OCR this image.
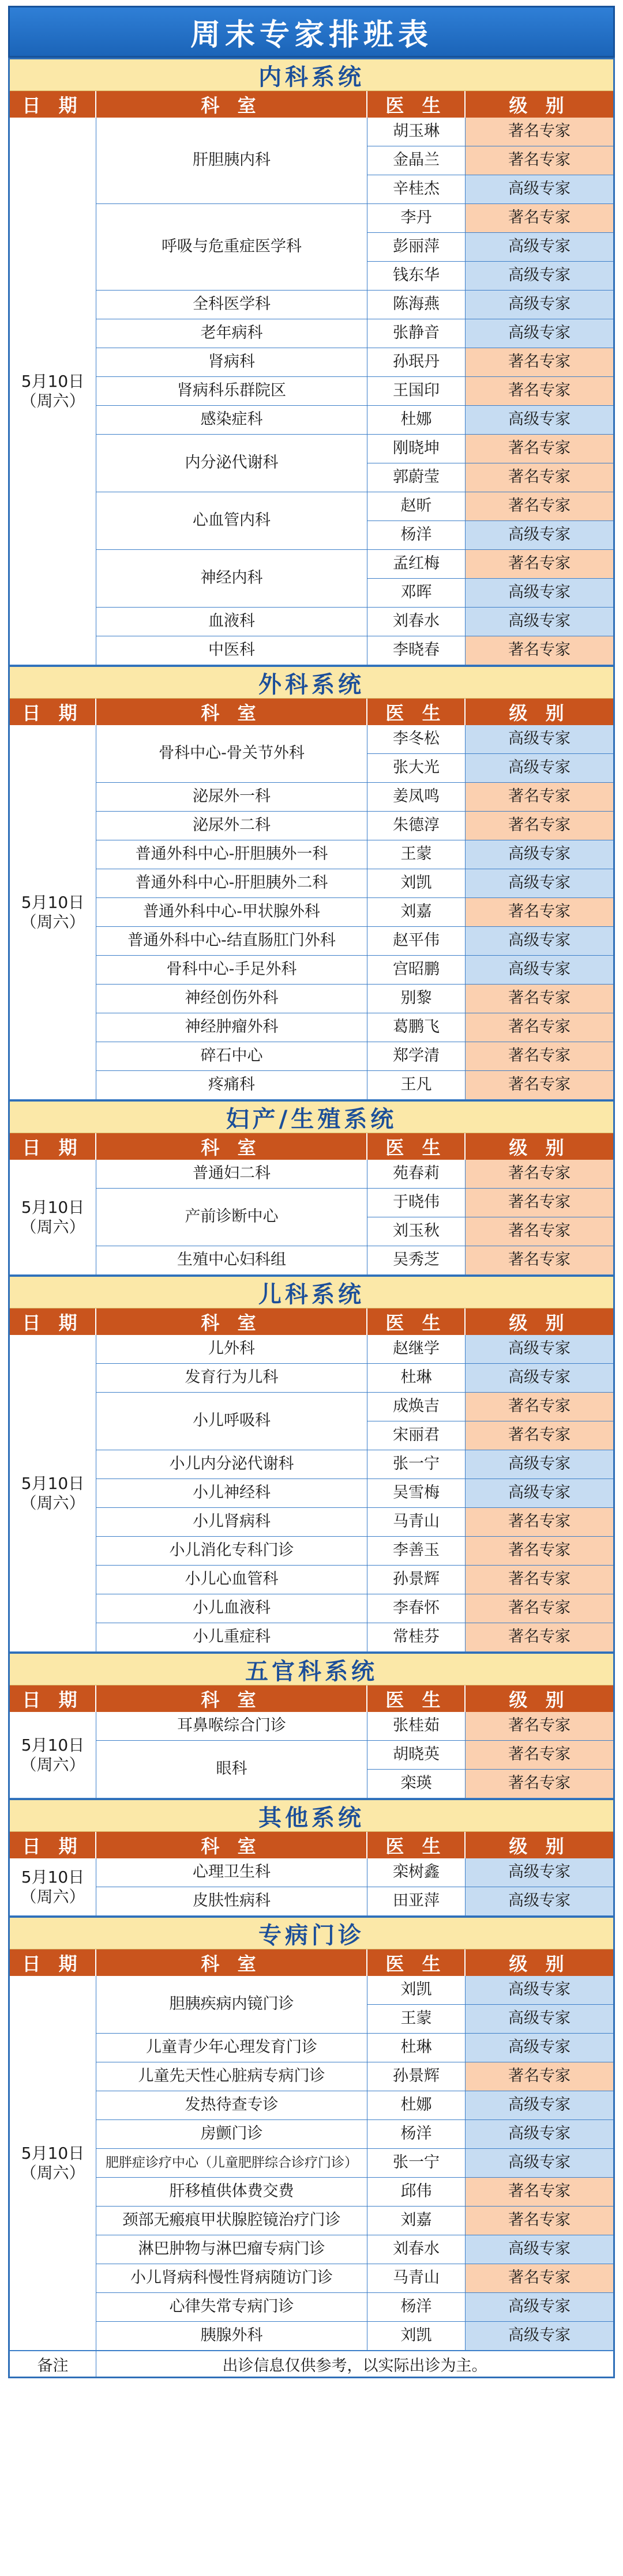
周末专家排班表
内科系统
日 期	科 室	医 生	级 别
5月10日
（周六）
肝胆胰内科
胡玉琳	著名专家
金晶兰	著名专家
辛桂杰	高级专家
呼吸与危重症医学科
李丹	著名专家
彭丽萍	高级专家
钱东华	高级专家
全科医学科	陈海燕	高级专家
老年病科	张静音	高级专家
肾病科	孙珉丹	著名专家
肾病科乐群院区	王国印	著名专家
感染症科	杜娜	高级专家
内分泌代谢科
刚晓坤	著名专家
郭蔚莹	著名专家
心血管内科
赵昕	著名专家
杨洋	高级专家
神经内科
孟红梅	著名专家
邓晖	高级专家
血液科	刘春水	高级专家
中医科	李晓春	著名专家
外科系统
日 期	科 室	医 生	级 别
5月10日
（周六）
骨科中心-骨关节外科
李冬松	高级专家
张大光	高级专家
泌尿外一科	姜凤鸣	著名专家
泌尿外二科	朱德淳	著名专家
普通外科中心-肝胆胰外一科	王蒙	高级专家
普通外科中心-肝胆胰外二科	刘凯	高级专家
普通外科中心-甲状腺外科	刘嘉	著名专家
普通外科中心-结直肠肛门外科	赵平伟	高级专家
骨科中心-手足外科	宫昭鹏	高级专家
神经创伤外科	别黎	著名专家
神经肿瘤外科	葛鹏飞	著名专家
碎石中心	郑学清	著名专家
疼痛科	王凡	著名专家
妇产/生殖系统
日 期	科 室	医 生	级 别
5月10日
（周六）
普通妇二科	苑春莉	著名专家
产前诊断中心
于晓伟	著名专家
刘玉秋	著名专家
生殖中心妇科组	吴秀芝	著名专家
儿科系统
日 期	科 室	医 生	级 别
5月10日
（周六）
儿外科	赵继学	高级专家
发育行为儿科	杜琳	高级专家
小儿呼吸科
成焕吉	著名专家
宋丽君	著名专家
小儿内分泌代谢科	张一宁	高级专家
小儿神经科	吴雪梅	高级专家
小儿肾病科	马青山	著名专家
小儿消化专科门诊	李善玉	著名专家
小儿心血管科	孙景辉	著名专家
小儿血液科	李春怀	著名专家
小儿重症科	常桂芬	著名专家
五官科系统
日 期	科 室	医 生	级 别
5月10日
（周六）
耳鼻喉综合门诊	张桂茹	著名专家
眼科
胡晓英	著名专家
栾瑛	著名专家
其他系统
日 期	科 室	医 生	级 别
5月10日
（周六）
心理卫生科	栾树鑫	高级专家
皮肤性病科	田亚萍	高级专家
专病门诊
日 期	科 室	医 生	级 别
5月10日
（周六）
胆胰疾病内镜门诊
刘凯	高级专家
王蒙	高级专家
儿童青少年心理发育门诊	杜琳	高级专家
儿童先天性心脏病专病门诊	孙景辉	著名专家
发热待查专诊	杜娜	高级专家
房颤门诊	杨洋	高级专家
肥胖症诊疗中心（儿童肥胖综合诊疗门诊）	张一宁	高级专家
肝移植供体费交费	邱伟	著名专家
颈部无瘢痕甲状腺腔镜治疗门诊	刘嘉	著名专家
淋巴肿物与淋巴瘤专病门诊	刘春水	高级专家
小儿肾病科慢性肾病随访门诊	马青山	著名专家
心律失常专病门诊	杨洋	高级专家
胰腺外科	刘凯	高级专家
备注	出诊信息仅供参考，以实际出诊为主。
